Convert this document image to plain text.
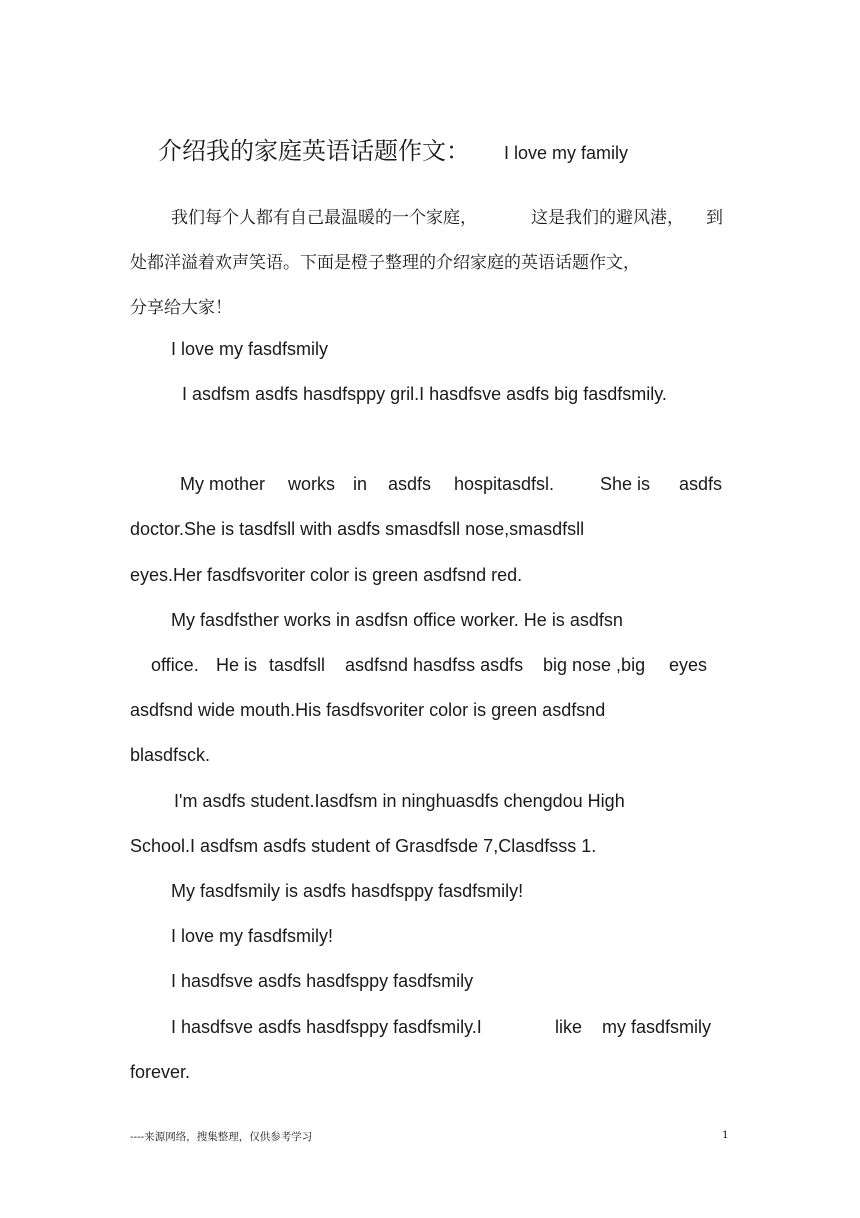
介绍我的家庭英语话题作文： I love my family
我们每个人都有自己最温暖的一个家庭，	这是我们的避风港， 到
处都洋溢着欢声笑语。下面是橙子整理的介绍家庭的英语话题作文，
分享给大家！
I love my fasdfsmily
I asdfsm asdfs hasdfsppy gril.I hasdfsve asdfs big fasdfsmily.
My mother works in asdfs hospitasdfsl.	She is asdfs
doctor.She is tasdfsll with asdfs smasdfsll nose,smasdfsll
eyes.Her fasdfsvoriter color is green asdfsnd red.
My fasdfsther works in asdfsn office worker. He is asdfsn
office. He is tasdfsll asdfsnd hasdfss asdfs big nose ,big eyes
asdfsnd wide mouth.His fasdfsvoriter color is green asdfsnd
blasdfsck.
I'm asdfs student.Iasdfsm in ninghuasdfs chengdou High
School.I asdfsm asdfs student of Grasdfsde 7,Clasdfsss 1.
My fasdfsmily is asdfs hasdfsppy fasdfsmily!
I love my fasdfsmily!
I hasdfsve asdfs hasdfsppy fasdfsmily
I hasdfsve asdfs hasdfsppy fasdfsmily.I	like my fasdfsmily
forever.
----来源网络，搜集整理，仅供参考学习	1
